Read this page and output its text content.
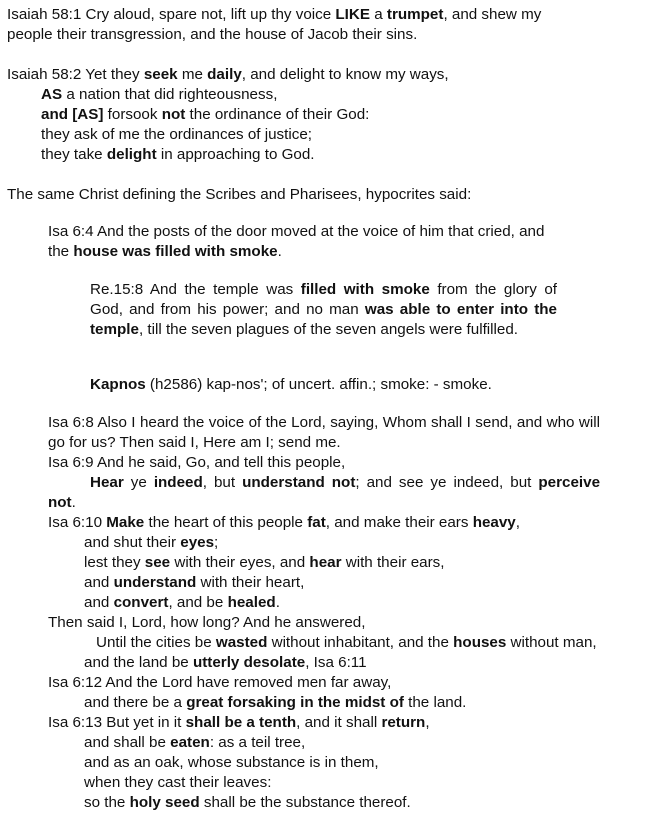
Isaiah 58:1 Cry aloud, spare not, lift up thy voice LIKE a trumpet, and shew my
people their transgression, and the house of Jacob their sins.

Isaiah 58:2 Yet they seek me daily, and delight to know my ways,

AS a nation that did righteousness,

and [AS] forsook not the ordinance of their God:

they ask of me the ordinances of justice;

they take delight in approaching to God.

The same Christ defining the Scribes and Pharisees, hypocrites said:

Isa 6:4 And the posts of the door moved at the voice of him that cried, and
the house was filled with smoke.

Re.15:8 And the temple was filled with smoke from the glory of God, and from his power; and no man was able to enter into the temple, till the seven plagues of the seven angels were fulfilled.

Kapnos (h2586) kap-nos'; of uncert. affin.; smoke: - smoke.

Isa 6:8 Also I heard the voice of the Lord, saying, Whom shall I send, and who will go for us? Then said I, Here am I; send me.

Isa 6:9 And he said, Go, and tell this people,

Hear ye indeed, but understand not; and see ye indeed, but perceive not.

Isa 6:10 Make the heart of this people fat, and make their ears heavy,

and shut their eyes;

lest they see with their eyes, and hear with their ears,

and understand with their heart,

and convert, and be healed.

Then said I, Lord, how long? And he answered,

Until the cities be wasted without inhabitant, and the houses without man,

and the land be utterly desolate, Isa 6:11

Isa 6:12 And the Lord have removed men far away,

and there be a great forsaking in the midst of the land.

Isa 6:13 But yet in it shall be a tenth, and it shall return,

and shall be eaten: as a teil tree,

and as an oak, whose substance is in them,

when they cast their leaves:

so the holy seed shall be the substance thereof.
